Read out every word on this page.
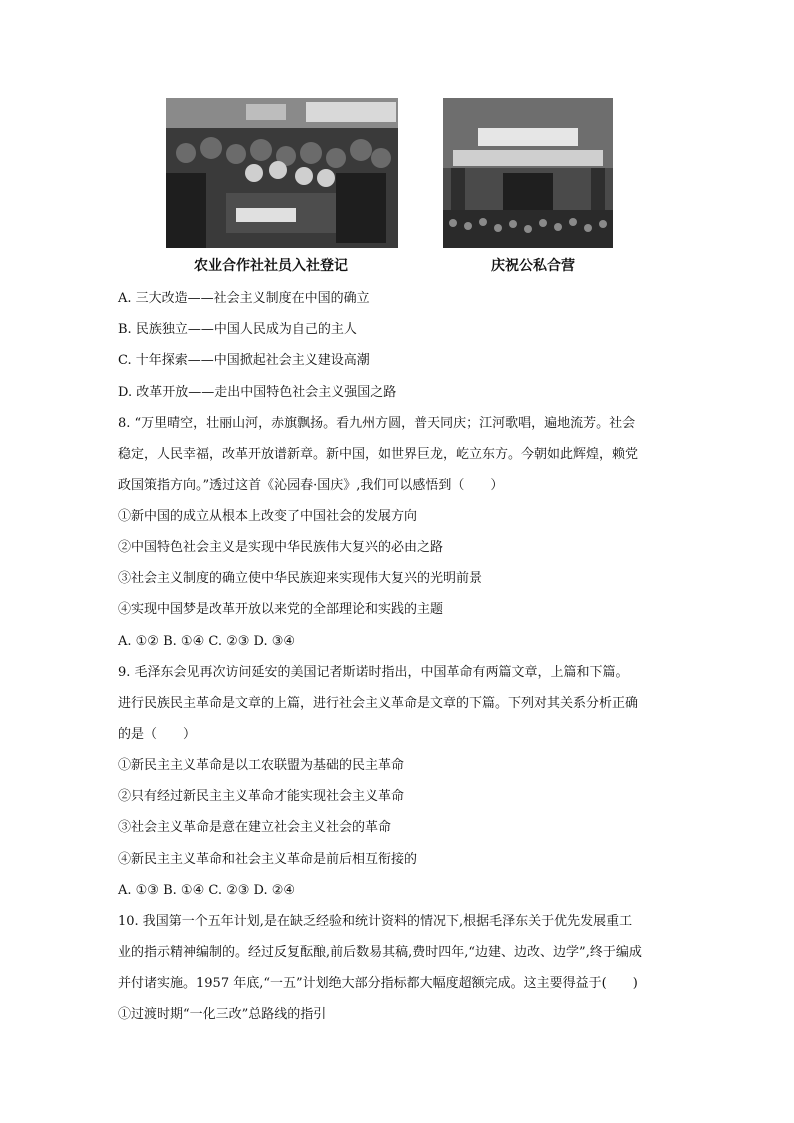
农业合作社社员入社登记	庆祝公私合营
A. 三大改造——社会主义制度在中国的确立
B. 民族独立——中国人民成为自己的主人
C. 十年探索——中国掀起社会主义建设高潮
D. 改革开放——走出中国特色社会主义强国之路
8. “万里晴空，壮丽山河，赤旗飘扬。看九州方圆，普天同庆；江河歌唱，遍地流芳。社会
稳定，人民幸福，改革开放谱新章。新中国，如世界巨龙，屹立东方。今朝如此辉煌，赖党
政国策指方向。”透过这首《沁园春·国庆》,我们可以感悟到（　　）
①新中国的成立从根本上改变了中国社会的发展方向
②中国特色社会主义是实现中华民族伟大复兴的必由之路
③社会主义制度的确立使中华民族迎来实现伟大复兴的光明前景
④实现中国梦是改革开放以来党的全部理论和实践的主题
A. ①② B. ①④ C. ②③ D. ③④
9. 毛泽东会见再次访问延安的美国记者斯诺时指出，中国革命有两篇文章，上篇和下篇。
进行民族民主革命是文章的上篇，进行社会主义革命是文章的下篇。下列对其关系分析正确
的是（　　）
①新民主主义革命是以工农联盟为基础的民主革命
②只有经过新民主主义革命才能实现社会主义革命
③社会主义革命是意在建立社会主义社会的革命
④新民主主义革命和社会主义革命是前后相互衔接的
A. ①③ B. ①④ C. ②③ D. ②④
10. 我国第一个五年计划,是在缺乏经验和统计资料的情况下,根据毛泽东关于优先发展重工
业的指示精神编制的。经过反复酝酿,前后数易其稿,费时四年,“边建、边改、边学”,终于编成
并付诸实施。1957 年底,“一五”计划绝大部分指标都大幅度超额完成。这主要得益于(　　)
①过渡时期“一化三改”总路线的指引
